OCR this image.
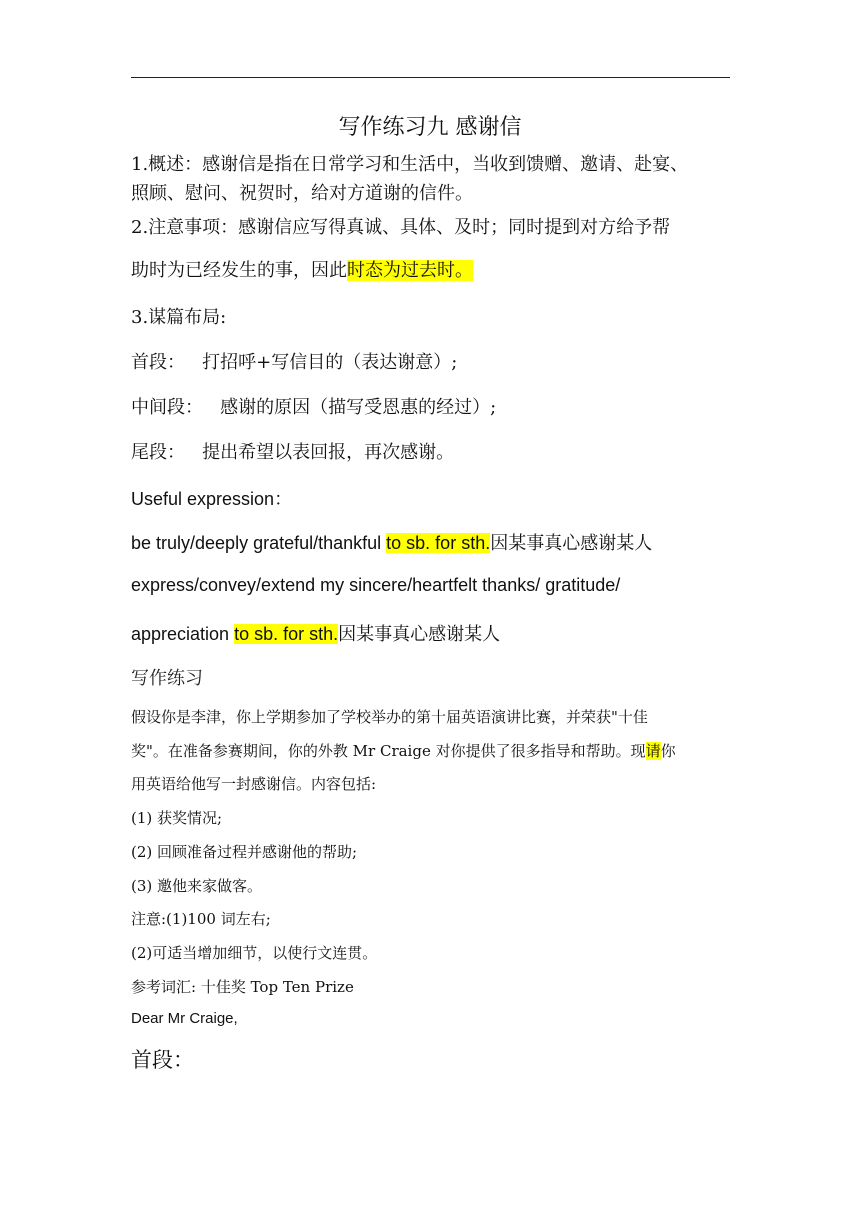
写作练习九 感谢信
1.概述：感谢信是指在日常学习和生活中，当收到馈赠、邀请、赴宴、
照顾、慰问、祝贺时，给对方道谢的信件。
2.注意事项：感谢信应写得真诚、具体、及时；同时提到对方给予帮
助时为已经发生的事，因此时态为过去时。
3.谋篇布局:
首段：   打招呼+写信目的（表达谢意）;
中间段：   感谢的原因（描写受恩惠的经过）;
尾段：   提出希望以表回报，再次感谢。
Useful expression：
be truly/deeply grateful/thankful to sb. for sth.因某事真心感谢某人
express/convey/extend my sincere/heartfelt thanks/ gratitude/
appreciation to sb. for sth.因某事真心感谢某人
写作练习
假设你是李津，你上学期参加了学校举办的第十届英语演讲比赛，并荣获"十佳
奖"。在准备参赛期间，你的外教 Mr Craige 对你提供了很多指导和帮助。现请你
用英语给他写一封感谢信。内容包括:
(1) 获奖情况;
(2) 回顾准备过程并感谢他的帮助;
(3) 邀他来家做客。
注意:(1)100 词左右;
(2)可适当增加细节，以使行文连贯。
参考词汇: 十佳奖 Top Ten Prize
Dear Mr Craige,
首段：
